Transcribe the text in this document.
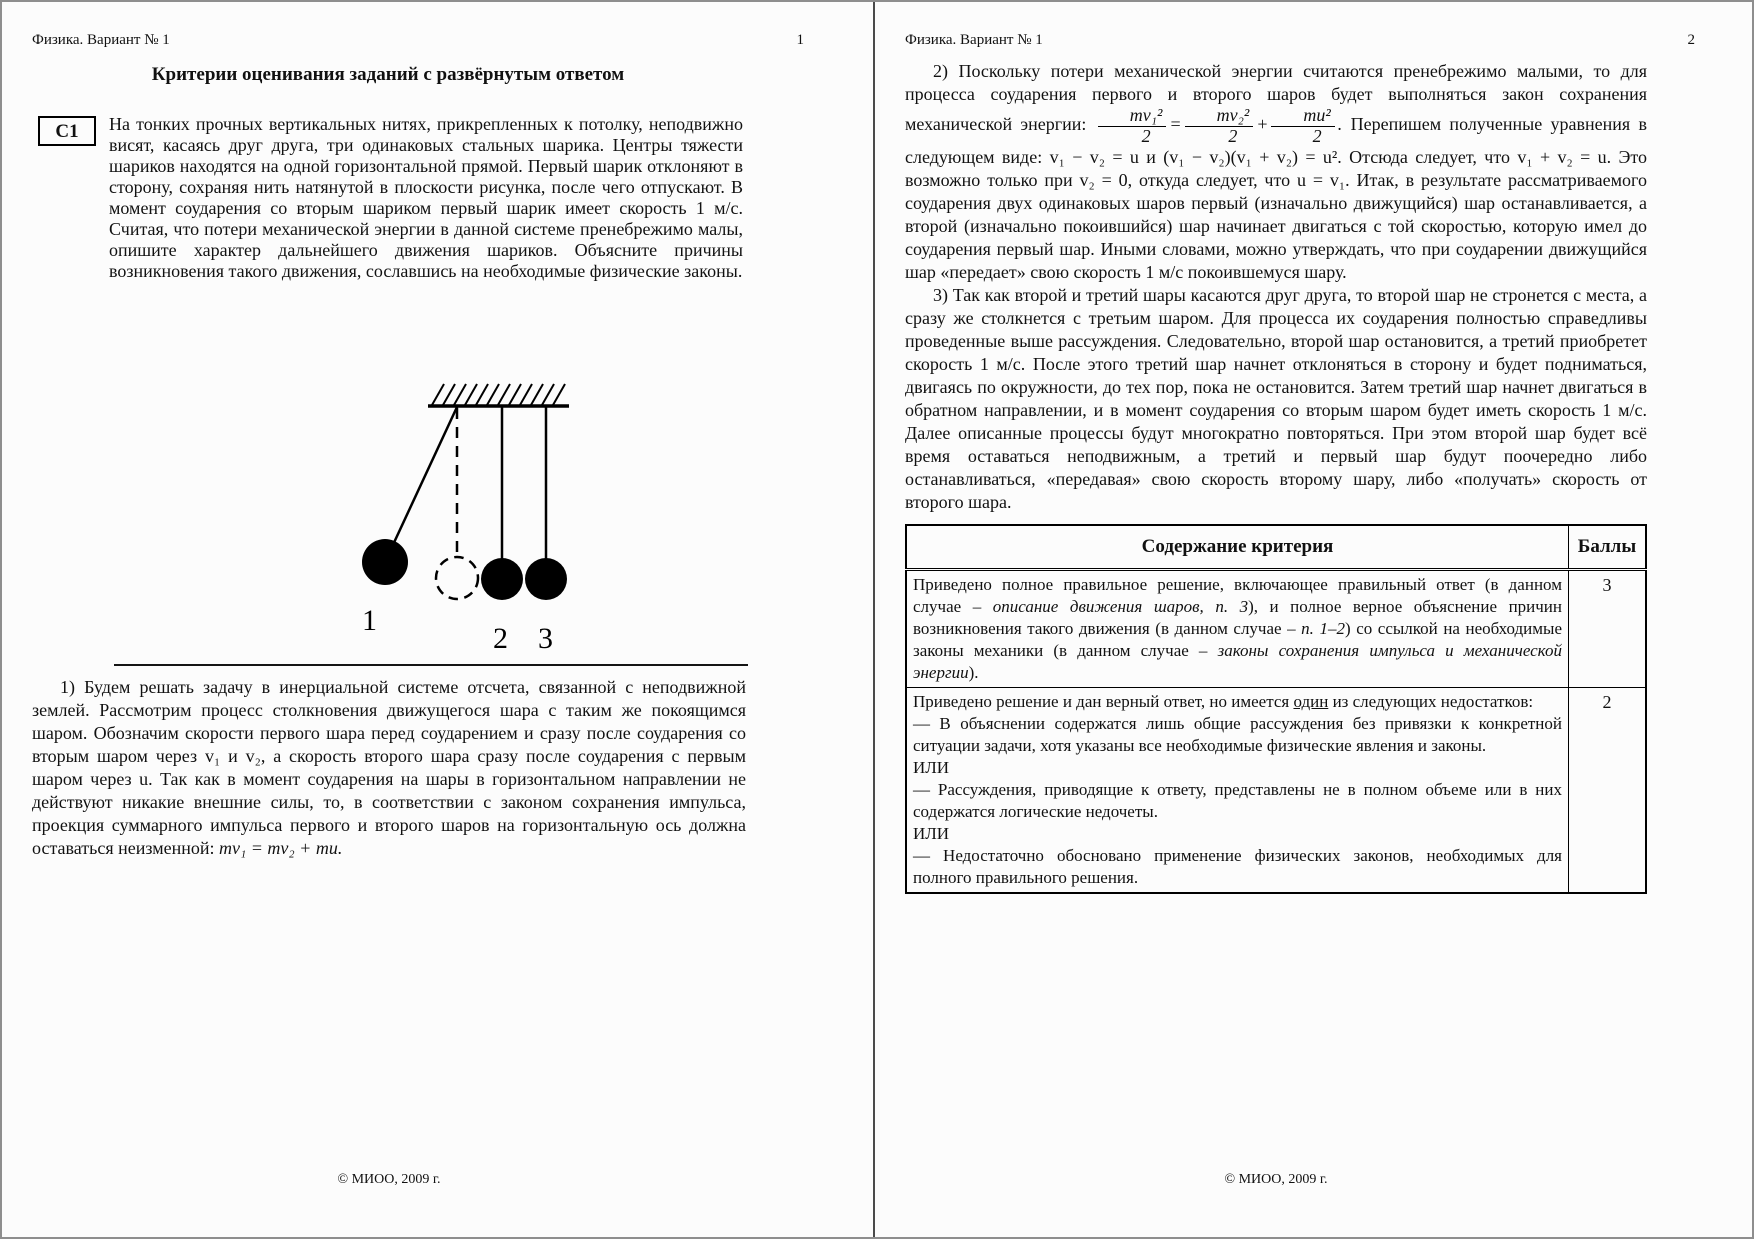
Физика. Вариант № 1	1
Критерии оценивания заданий с развёрнутым ответом
С1	На тонких прочных вертикальных нитях, прикрепленных к потолку, неподвижно висят, касаясь друг друга, три одинаковых стальных шарика. Центры тяжести шариков находятся на одной горизонтальной прямой. Первый шарик отклоняют в сторону, сохраняя нить натянутой в плоскости рисунка, после чего отпускают. В момент соударения со вторым шариком первый шарик имеет скорость 1 м/с. Считая, что потери механической энергии в данной системе пренебрежимо малы, опишите характер дальнейшего движения шариков. Объясните причины возникновения такого движения, сославшись на необходимые физические законы.
1
2 3

1) Будем решать задачу в инерциальной системе отсчета, связанной с неподвижной землей. Рассмотрим процесс столкновения движущегося шара с таким же покоящимся шаром. Обозначим скорости первого шара перед соударением и сразу после соударения со вторым шаром через v₁ и v₂, а скорость второго шара сразу после соударения с первым шаром через u. Так как в момент соударения на шары в горизонтальном направлении не действуют никакие внешние силы, то, в соответствии с законом сохранения импульса, проекция суммарного импульса первого и второго шаров на горизонтальную ось должна оставаться неизменной: mv₁ = mv₂ + mu.

© МИОО, 2009 г.
Физика. Вариант № 1	2

2) Поскольку потери механической энергии считаются пренебрежимо малыми, то для процесса соударения первого и второго шаров будет выполняться закон сохранения механической энергии: $\frac{\text{mv₁²}}{2} = \frac{\text{mv₂²}}{2} + \frac{\text{mu²}}{2}$ . Перепишем полученные уравнения в следующем виде: v₁ − v₂ = u и (v₁ − v₂)(v₁ + v₂) = u². Отсюда следует, что v₁ + v₂ = u. Это возможно только при v₂ = 0, откуда следует, что u = v₁. Итак, в результате рассматриваемого соударения двух одинаковых шаров первый (изначально движущийся) шар останавливается, а второй (изначально покоившийся) шар начинает двигаться с той скоростью, которую имел до соударения первый шар. Иными словами, можно утверждать, что при соударении движущийся шар «передает» свою скорость 1 м/с покоившемуся шару.

3) Так как второй и третий шары касаются друг друга, то второй шар не стронется с места, а сразу же столкнется с третьим шаром. Для процесса их соударения полностью справедливы проведенные выше рассуждения. Следовательно, второй шар остановится, а третий приобретет скорость 1 м/с. После этого третий шар начнет отклоняться в сторону и будет подниматься, двигаясь по окружности, до тех пор, пока не остановится. Затем третий шар начнет двигаться в обратном направлении, и в момент соударения со вторым шаром будет иметь скорость 1 м/с. Далее описанные процессы будут многократно повторяться. При этом второй шар будет всё время оставаться неподвижным, а третий и первый шар будут поочередно либо останавливаться, «передавая» свою скорость второму шару, либо «получать» скорость от второго шара.

Содержание критерия	Баллы
Приведено полное правильное решение, включающее правильный ответ (в данном случае – описание движения шаров, п. 3), и полное верное объяснение причин возникновения такого движения (в данном случае – п. 1–2) со ссылкой на необходимые законы механики (в данном случае – законы сохранения импульса и механической энергии).	3

Приведено решение и дан верный ответ, но имеется один из следующих недостатков:
— В объяснении содержатся лишь общие рассуждения без привязки к конкретной ситуации задачи, хотя указаны все необходимые физические явления и законы.
ИЛИ
— Рассуждения, приводящие к ответу, представлены не в полном объеме или в них содержатся логические недочеты.
ИЛИ
— Недостаточно обосновано применение физических законов, необходимых для полного правильного решения.
	2
© МИОО, 2009 г.
